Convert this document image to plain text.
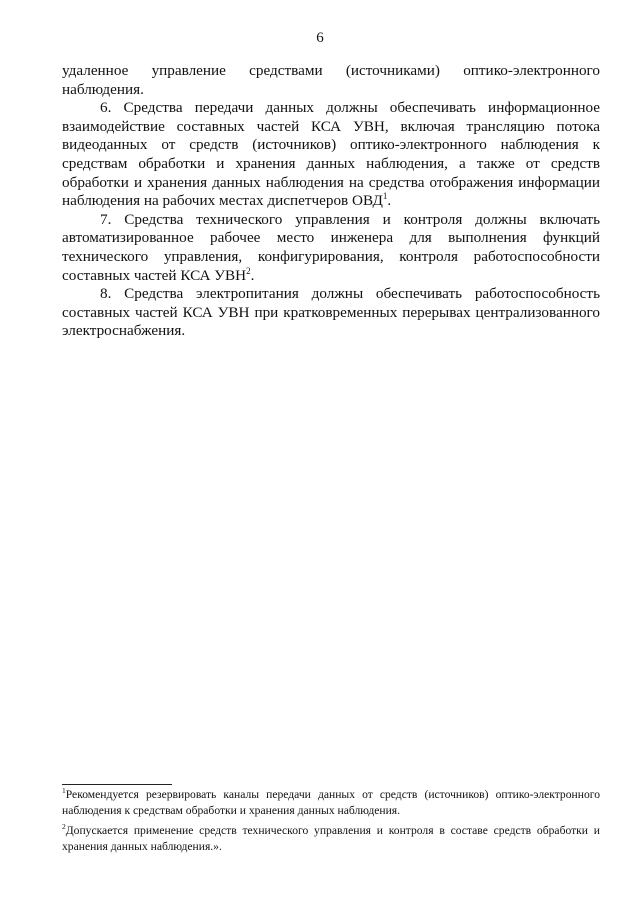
6

удаленное управление средствами (источниками) оптико-электронного
наблюдения.

6. Средства передачи данных должны обеспечивать информационное взаимодействие составных частей КСА УВН, включая трансляцию потока видеоданных от средств (источников) оптико-электронного наблюдения к средствам обработки и хранения данных наблюдения, а также от средств обработки и хранения данных наблюдения на средства отображения информации наблюдения на рабочих местах диспетчеров ОВД$^1$.

7. Средства технического управления и контроля должны включать автоматизированное рабочее место инженера для выполнения функций технического управления, конфигурирования, контроля работоспособности составных частей КСА УВН$^2$.

8. Средства электропитания должны обеспечивать работоспособность составных частей КСА УВН при кратковременных перерывах централизованного электроснабжения.

$^1$Рекомендуется резервировать каналы передачи данных от средств (источников) оптико-электронного наблюдения к средствам обработки и хранения данных наблюдения.

$^2$Допускается применение средств технического управления и контроля в составе средств обработки и хранения данных наблюдения.».
